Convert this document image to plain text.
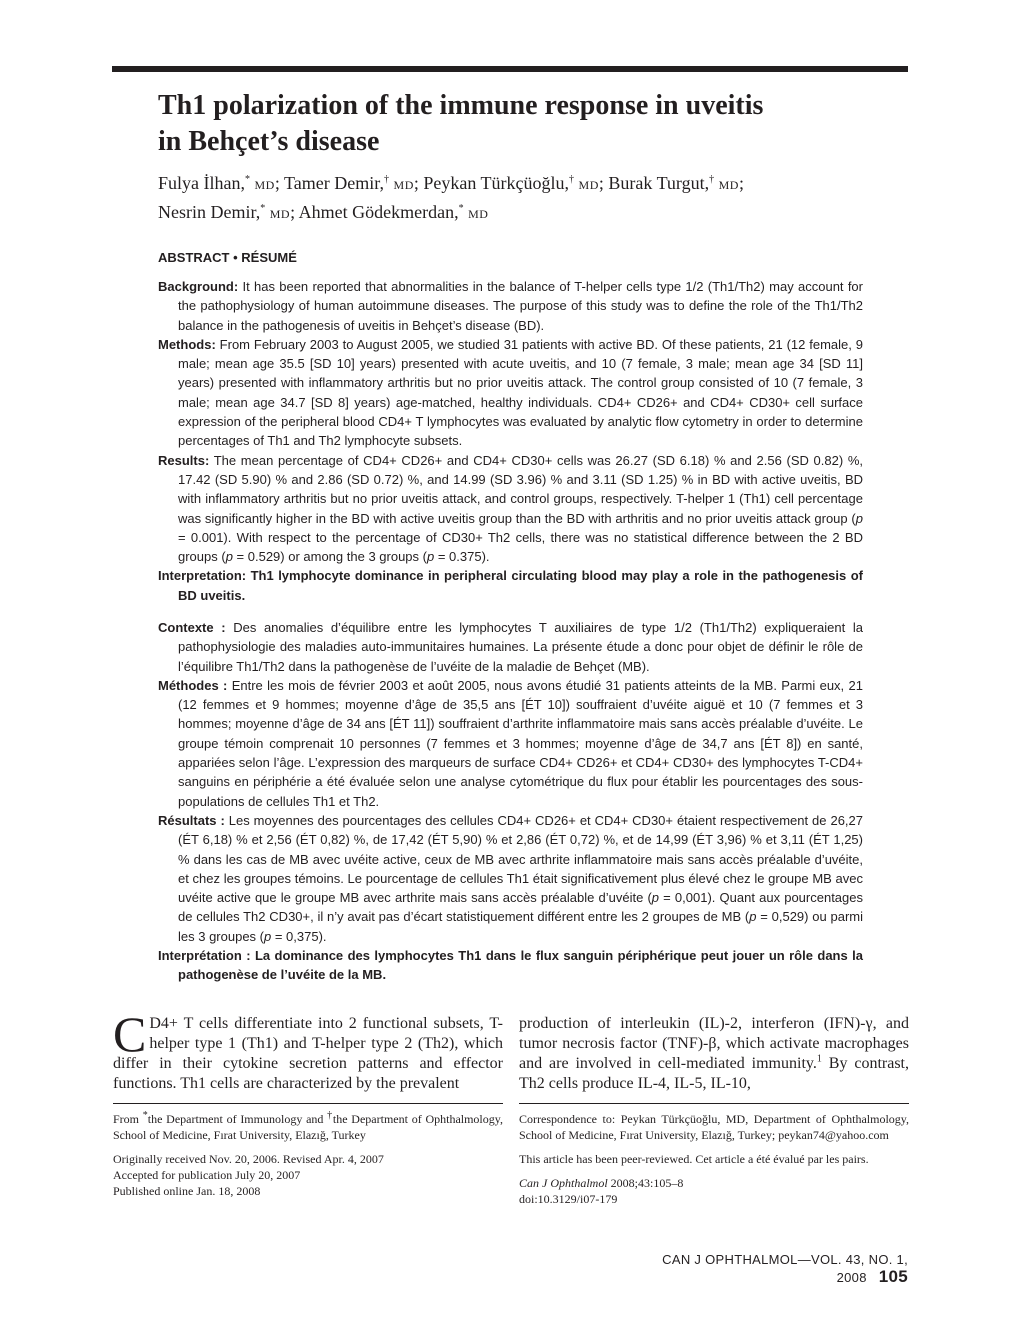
Th1 polarization of the immune response in uveitis
in Behçet’s disease
Fulya İlhan,* MD; Tamer Demir,† MD; Peykan Türkçüoğlu,† MD; Burak Turgut,† MD;
Nesrin Demir,* MD; Ahmet Gödekmerdan,* MD
ABSTRACT • RÉSUMÉ

Background: It has been reported that abnormalities in the balance of T-helper cells type 1/2 (Th1/Th2) may account for the pathophysiology of human autoimmune diseases. The purpose of this study was to define the role of the Th1/Th2 balance in the pathogenesis of uveitis in Behçet’s disease (BD).

Methods: From February 2003 to August 2005, we studied 31 patients with active BD. Of these patients, 21 (12 female, 9 male; mean age 35.5 [SD 10] years) presented with acute uveitis, and 10 (7 female, 3 male; mean age 34 [SD 11] years) presented with inflammatory arthritis but no prior uveitis attack. The control group consisted of 10 (7 female, 3 male; mean age 34.7 [SD 8] years) age-matched, healthy individuals. CD4+ CD26+ and CD4+ CD30+ cell surface expression of the peripheral blood CD4+ T lymphocytes was evaluated by analytic flow cytometry in order to determine percentages of Th1 and Th2 lymphocyte subsets.

Results: The mean percentage of CD4+ CD26+ and CD4+ CD30+ cells was 26.27 (SD 6.18) % and 2.56 (SD 0.82) %, 17.42 (SD 5.90) % and 2.86 (SD 0.72) %, and 14.99 (SD 3.96) % and 3.11 (SD 1.25) % in BD with active uveitis, BD with inflammatory arthritis but no prior uveitis attack, and control groups, respectively. T-helper 1 (Th1) cell percentage was significantly higher in the BD with active uveitis group than the BD with arthritis and no prior uveitis attack group (p = 0.001). With respect to the percentage of CD30+ Th2 cells, there was no statistical difference between the 2 BD groups (p = 0.529) or among the 3 groups (p = 0.375).

Interpretation: Th1 lymphocyte dominance in peripheral circulating blood may play a role in the pathogenesis of BD uveitis.

Contexte : Des anomalies d’équilibre entre les lymphocytes T auxiliaires de type 1/2 (Th1/Th2) expliqueraient la pathophysiologie des maladies auto-immunitaires humaines. La présente étude a donc pour objet de définir le rôle de l’équilibre Th1/Th2 dans la pathogenèse de l’uvéite de la maladie de Behçet (MB).

Méthodes : Entre les mois de février 2003 et août 2005, nous avons étudié 31 patients atteints de la MB. Parmi eux, 21 (12 femmes et 9 hommes; moyenne d’âge de 35,5 ans [ÉT 10]) souffraient d’uvéite aiguë et 10 (7 femmes et 3 hommes; moyenne d’âge de 34 ans [ÉT 11]) souffraient d’arthrite inflammatoire mais sans accès préalable d’uvéite. Le groupe témoin comprenait 10 personnes (7 femmes et 3 hommes; moyenne d’âge de 34,7 ans [ÉT 8]) en santé, appariées selon l’âge. L’expression des marqueurs de surface CD4+ CD26+ et CD4+ CD30+ des lymphocytes T-CD4+ sanguins en périphérie a été évaluée selon une analyse cytométrique du flux pour établir les pourcentages des sous-populations de cellules Th1 et Th2.

Résultats : Les moyennes des pourcentages des cellules CD4+ CD26+ et CD4+ CD30+ étaient respectivement de 26,27 (ÉT 6,18) % et 2,56 (ÉT 0,82) %, de 17,42 (ÉT 5,90) % et 2,86 (ÉT 0,72) %, et de 14,99 (ÉT 3,96) % et 3,11 (ÉT 1,25) % dans les cas de MB avec uvéite active, ceux de MB avec arthrite inflammatoire mais sans accès préalable d’uvéite, et chez les groupes témoins. Le pourcentage de cellules Th1 était significativement plus élevé chez le groupe MB avec uvéite active que le groupe MB avec arthrite mais sans accès préalable d’uvéite (p = 0,001). Quant aux pourcentages de cellules Th2 CD30+, il n’y avait pas d’écart statistiquement différent entre les 2 groupes de MB (p = 0,529) ou parmi les 3 groupes (p = 0,375).

Interprétation : La dominance des lymphocytes Th1 dans le flux sanguin périphérique peut jouer un rôle dans la pathogenèse de l’uvéite de la MB.

C D4+ T cells differentiate into 2 functional subsets, T-helper type 1 (Th1) and T-helper type 2 (Th2), which differ in their cytokine secretion patterns and effector functions. Th1 cells are characterized by the prevalent
production of interleukin (IL)-2, interferon (IFN)-γ, and tumor necrosis factor (TNF)-β, which activate macrophages and are involved in cell-mediated immunity.$^1$ By contrast, Th2 cells produce IL-4, IL-5, IL-10,

From *the Department of Immunology and †the Department of Ophthalmology, School of Medicine, Fırat University, Elazığ, Turkey

Originally received Nov. 20, 2006. Revised Apr. 4, 2007
Accepted for publication July 20, 2007
Published online Jan. 18, 2008

Correspondence to: Peykan Türkçüoğlu, MD, Department of Ophthalmology, School of Medicine, Fırat University, Elazığ, Turkey; peykan74@yahoo.com

This article has been peer-reviewed. Cet article a été évalué par les pairs.

Can J Ophthalmol 2008;43:105–8
doi:10.3129/i07-179

CAN J OPHTHALMOL—VOL. 43, NO. 1, 2008 105
